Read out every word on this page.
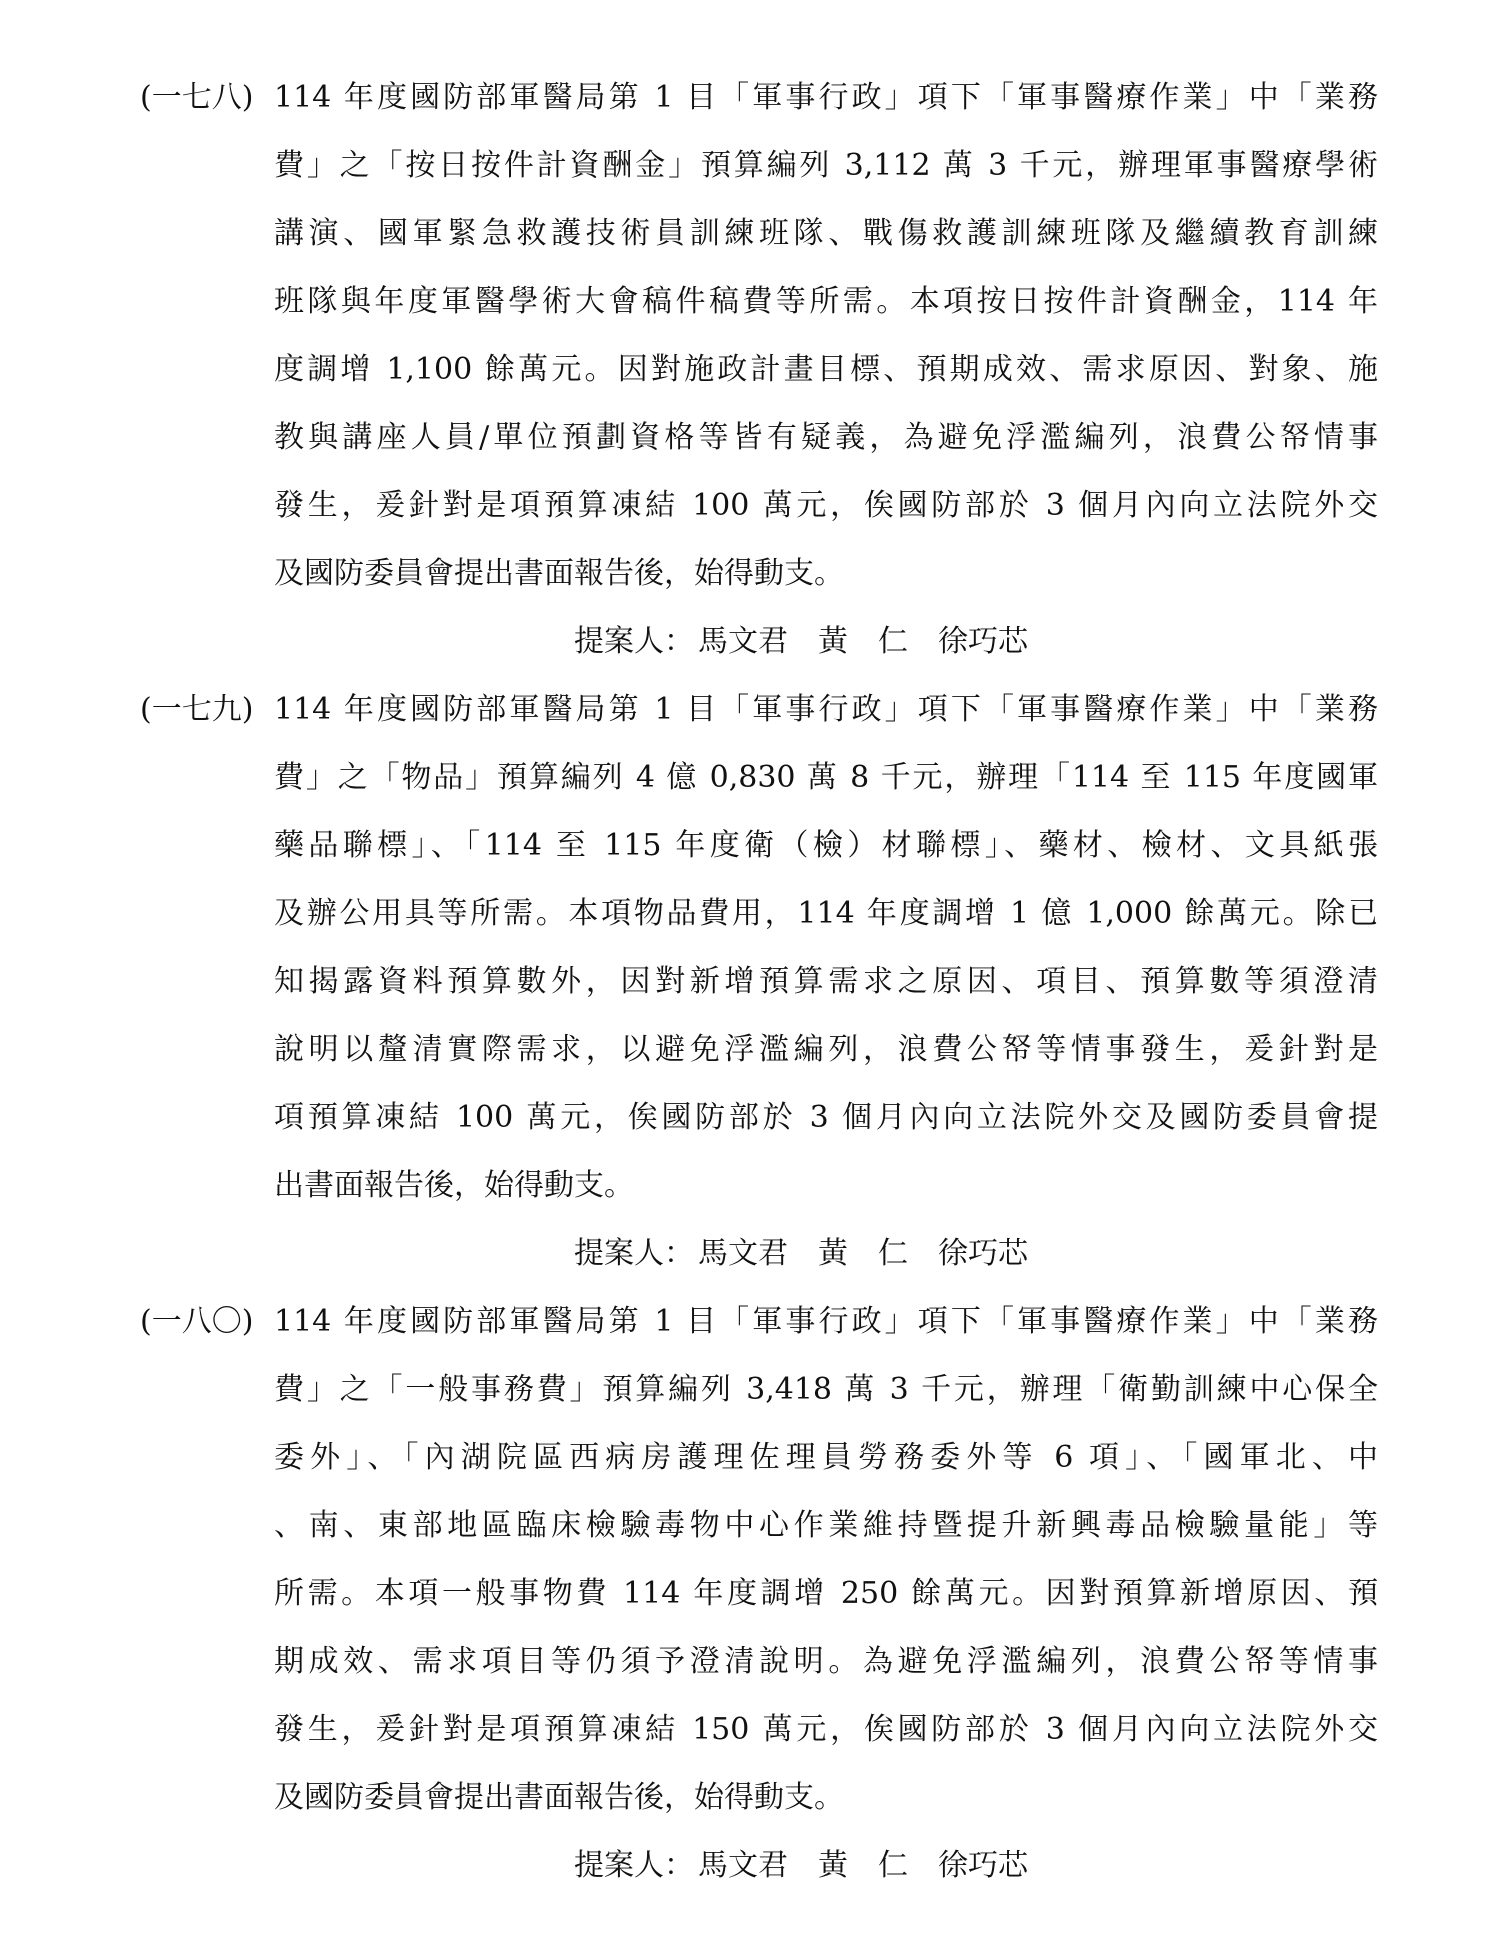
(一七八) 114 年度國防部軍醫局第 1 目「軍事行政」項下「軍事醫療作業」中「業務
費」之「按日按件計資酬金」預算編列 3,112 萬 3 千元，辦理軍事醫療學術
講演、國軍緊急救護技術員訓練班隊、戰傷救護訓練班隊及繼續教育訓練
班隊與年度軍醫學術大會稿件稿費等所需。本項按日按件計資酬金，114 年
度調增 1,100 餘萬元。因對施政計畫目標、預期成效、需求原因、對象、施
教與講座人員/單位預劃資格等皆有疑義，為避免浮濫編列，浪費公帑情事
發生，爰針對是項預算凍結 100 萬元，俟國防部於 3 個月內向立法院外交
及國防委員會提出書面報告後，始得動支。
提案人： 馬文君 黃　仁 徐巧芯
(一七九) 114 年度國防部軍醫局第 1 目「軍事行政」項下「軍事醫療作業」中「業務
費」之「物品」預算編列 4 億 0,830 萬 8 千元，辦理「114 至 115 年度國軍
藥品聯標」、「114 至 115 年度衛（檢）材聯標」、藥材、檢材、文具紙張
及辦公用具等所需。本項物品費用，114 年度調增 1 億 1,000 餘萬元。除已
知揭露資料預算數外，因對新增預算需求之原因、項目、預算數等須澄清
說明以釐清實際需求，以避免浮濫編列，浪費公帑等情事發生，爰針對是
項預算凍結 100 萬元，俟國防部於 3 個月內向立法院外交及國防委員會提
出書面報告後，始得動支。
提案人： 馬文君 黃　仁 徐巧芯
(一八〇) 114 年度國防部軍醫局第 1 目「軍事行政」項下「軍事醫療作業」中「業務
費」之「一般事務費」預算編列 3,418 萬 3 千元，辦理「衛勤訓練中心保全
委外」、「內湖院區西病房護理佐理員勞務委外等 6 項」、「國軍北、中
、南、東部地區臨床檢驗毒物中心作業維持暨提升新興毒品檢驗量能」等
所需。本項一般事物費 114 年度調增 250 餘萬元。因對預算新增原因、預
期成效、需求項目等仍須予澄清說明。為避免浮濫編列，浪費公帑等情事
發生，爰針對是項預算凍結 150 萬元，俟國防部於 3 個月內向立法院外交
及國防委員會提出書面報告後，始得動支。
提案人： 馬文君 黃　仁 徐巧芯
